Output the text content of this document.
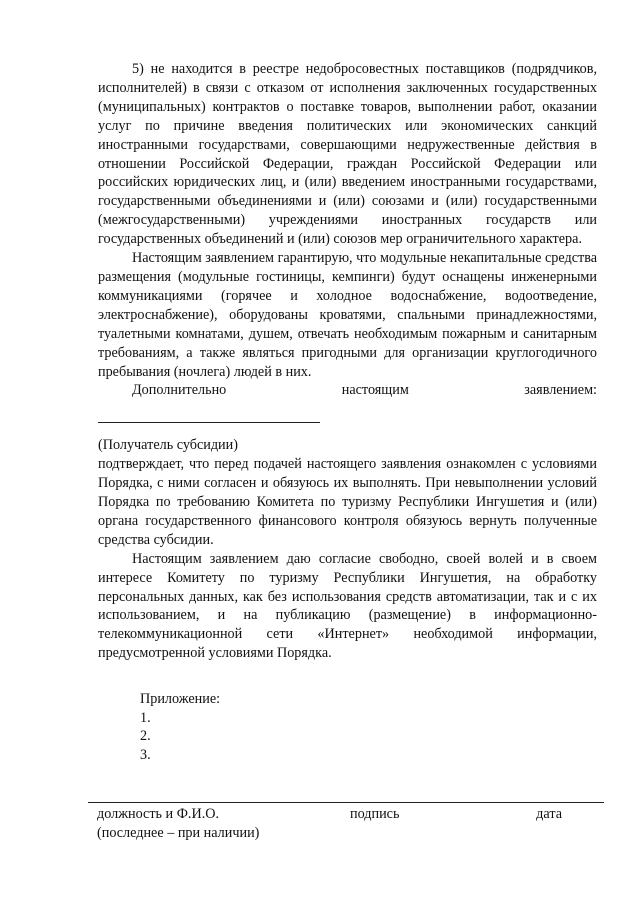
5) не находится в реестре недобросовестных поставщиков (подрядчиков, исполнителей) в связи с отказом от исполнения заключенных государственных (муниципальных) контрактов о поставке товаров, выполнении работ, оказании услуг по причине введения политических или экономических санкций иностранными государствами, совершающими недружественные действия в отношении Российской Федерации, граждан Российской Федерации или российских юридических лиц, и (или) введением иностранными государствами, государственными объединениями и (или) союзами и (или) государственными (межгосударственными) учреждениями иностранных государств или государственных объединений и (или) союзов мер ограничительного характера.

Настоящим заявлением гарантирую, что модульные некапитальные средства размещения (модульные гостиницы, кемпинги) будут оснащены инженерными коммуникациями (горячее и холодное водоснабжение, водоотведение, электроснабжение), оборудованы кроватями, спальными принадлежностями, туалетными комнатами, душем, отвечать необходимым пожарным и санитарным требованиям, а также являться пригодными для организации круглогодичного пребывания (ночлега) людей в них.

Дополнительно	настоящим	заявлением:

(Получатель субсидии)

подтверждает, что перед подачей настоящего заявления ознакомлен с условиями Порядка, с ними согласен и обязуюсь их выполнять. При невыполнении условий Порядка по требованию Комитета по туризму Республики Ингушетия и (или) органа государственного финансового контроля обязуюсь вернуть полученные средства субсидии.

Настоящим заявлением даю согласие свободно, своей волей и в своем интересе Комитету по туризму Республики Ингушетия, на обработку персональных данных, как без использования средств автоматизации, так и с их использованием, и на публикацию (размещение) в информационно-телекоммуникационной сети «Интернет» необходимой информации, предусмотренной условиями Порядка.

Приложение:
1.
2.
3.
должность и Ф.И.О.	подпись	дата
(последнее – при наличии)
